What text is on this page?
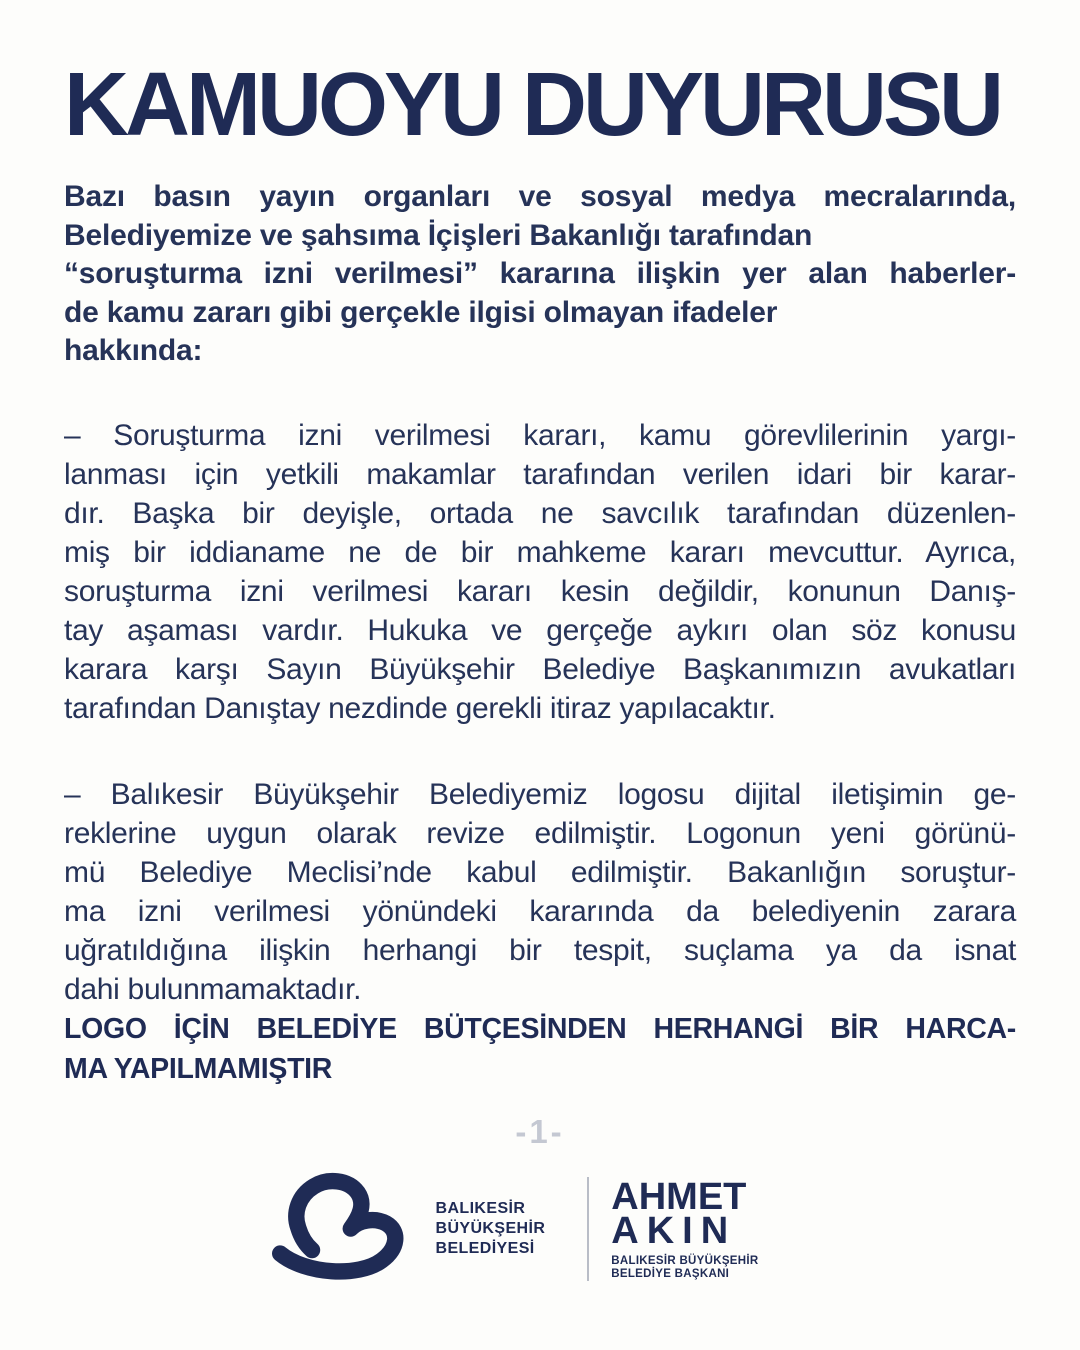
KAMUOYU DUYURUSU
Bazı basın yayın organları ve sosyal medya mecralarında,
Belediyemize ve şahsıma İçişleri Bakanlığı tarafından
“soruşturma izni verilmesi” kararına ilişkin yer alan haberler-
de kamu zararı gibi gerçekle ilgisi olmayan ifadeler
hakkında:
– Soruşturma izni verilmesi kararı, kamu görevlilerinin yargı-
lanması için yetkili makamlar tarafından verilen idari bir karar-
dır. Başka bir deyişle, ortada ne savcılık tarafından düzenlen-
miş bir iddianame ne de bir mahkeme kararı mevcuttur. Ayrıca,
soruşturma izni verilmesi kararı kesin değildir, konunun Danış-
tay aşaması vardır. Hukuka ve gerçeğe aykırı olan söz konusu
karara karşı Sayın Büyükşehir Belediye Başkanımızın avukatları
tarafından Danıştay nezdinde gerekli itiraz yapılacaktır.
– Balıkesir Büyükşehir Belediyemiz logosu dijital iletişimin ge-
reklerine uygun olarak revize edilmiştir. Logonun yeni görünü-
mü Belediye Meclisi’nde kabul edilmiştir. Bakanlığın soruştur-
ma izni verilmesi yönündeki kararında da belediyenin zarara
uğratıldığına ilişkin herhangi bir tespit, suçlama ya da isnat
dahi bulunmamaktadır.
LOGO İÇİN BELEDİYE BÜTÇESİNDEN HERHANGİ BİR HARCA-
MA YAPILMAMIŞTIR
-1-
BALIKESİR
BÜYÜKŞEHİR
BELEDİYESİ
AHMET
AKIN
BALIKESİR BÜYÜKŞEHİR
BELEDİYE BAŞKANI
